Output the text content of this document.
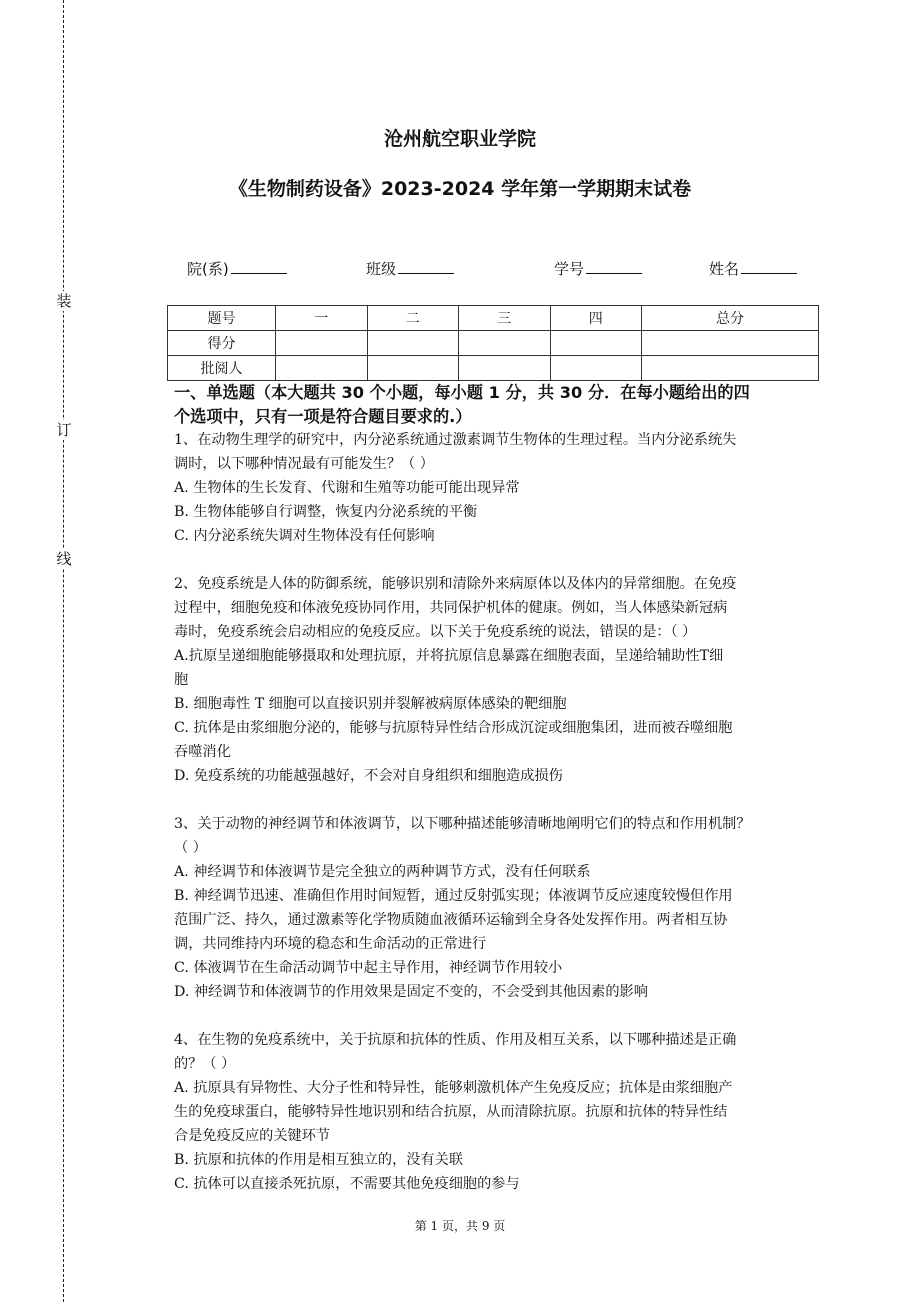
装
订
线
沧州航空职业学院
《生物制药设备》2023-2024 学年第一学期期末试卷
院(系)	班级	学号	姓名
题号	一	二	三	四	总分
得分					
批阅人					
一、单选题（本大题共 30 个小题，每小题 1 分，共 30 分．在每小题给出的四
个选项中，只有一项是符合题目要求的.）
1、在动物生理学的研究中，内分泌系统通过激素调节生物体的生理过程。当内分泌系统失
调时，以下哪种情况最有可能发生？（ ）
A. 生物体的生长发育、代谢和生殖等功能可能出现异常
B. 生物体能够自行调整，恢复内分泌系统的平衡
C. 内分泌系统失调对生物体没有任何影响
2、免疫系统是人体的防御系统，能够识别和清除外来病原体以及体内的异常细胞。在免疫
过程中，细胞免疫和体液免疫协同作用，共同保护机体的健康。例如，当人体感染新冠病
毒时，免疫系统会启动相应的免疫反应。以下关于免疫系统的说法，错误的是：（ ）
A.抗原呈递细胞能够摄取和处理抗原，并将抗原信息暴露在细胞表面，呈递给辅助性T细
胞
B. 细胞毒性 T 细胞可以直接识别并裂解被病原体感染的靶细胞
C. 抗体是由浆细胞分泌的，能够与抗原特异性结合形成沉淀或细胞集团，进而被吞噬细胞
吞噬消化
D. 免疫系统的功能越强越好，不会对自身组织和细胞造成损伤
3、关于动物的神经调节和体液调节，以下哪种描述能够清晰地阐明它们的特点和作用机制？
（ ）
A. 神经调节和体液调节是完全独立的两种调节方式，没有任何联系
B. 神经调节迅速、准确但作用时间短暂，通过反射弧实现；体液调节反应速度较慢但作用
范围广泛、持久，通过激素等化学物质随血液循环运输到全身各处发挥作用。两者相互协
调，共同维持内环境的稳态和生命活动的正常进行
C. 体液调节在生命活动调节中起主导作用，神经调节作用较小
D. 神经调节和体液调节的作用效果是固定不变的，不会受到其他因素的影响
4、在生物的免疫系统中，关于抗原和抗体的性质、作用及相互关系，以下哪种描述是正确
的？（ ）
A. 抗原具有异物性、大分子性和特异性，能够刺激机体产生免疫反应；抗体是由浆细胞产
生的免疫球蛋白，能够特异性地识别和结合抗原，从而清除抗原。抗原和抗体的特异性结
合是免疫反应的关键环节
B. 抗原和抗体的作用是相互独立的，没有关联
C. 抗体可以直接杀死抗原，不需要其他免疫细胞的参与
第 1 页，共 9 页
